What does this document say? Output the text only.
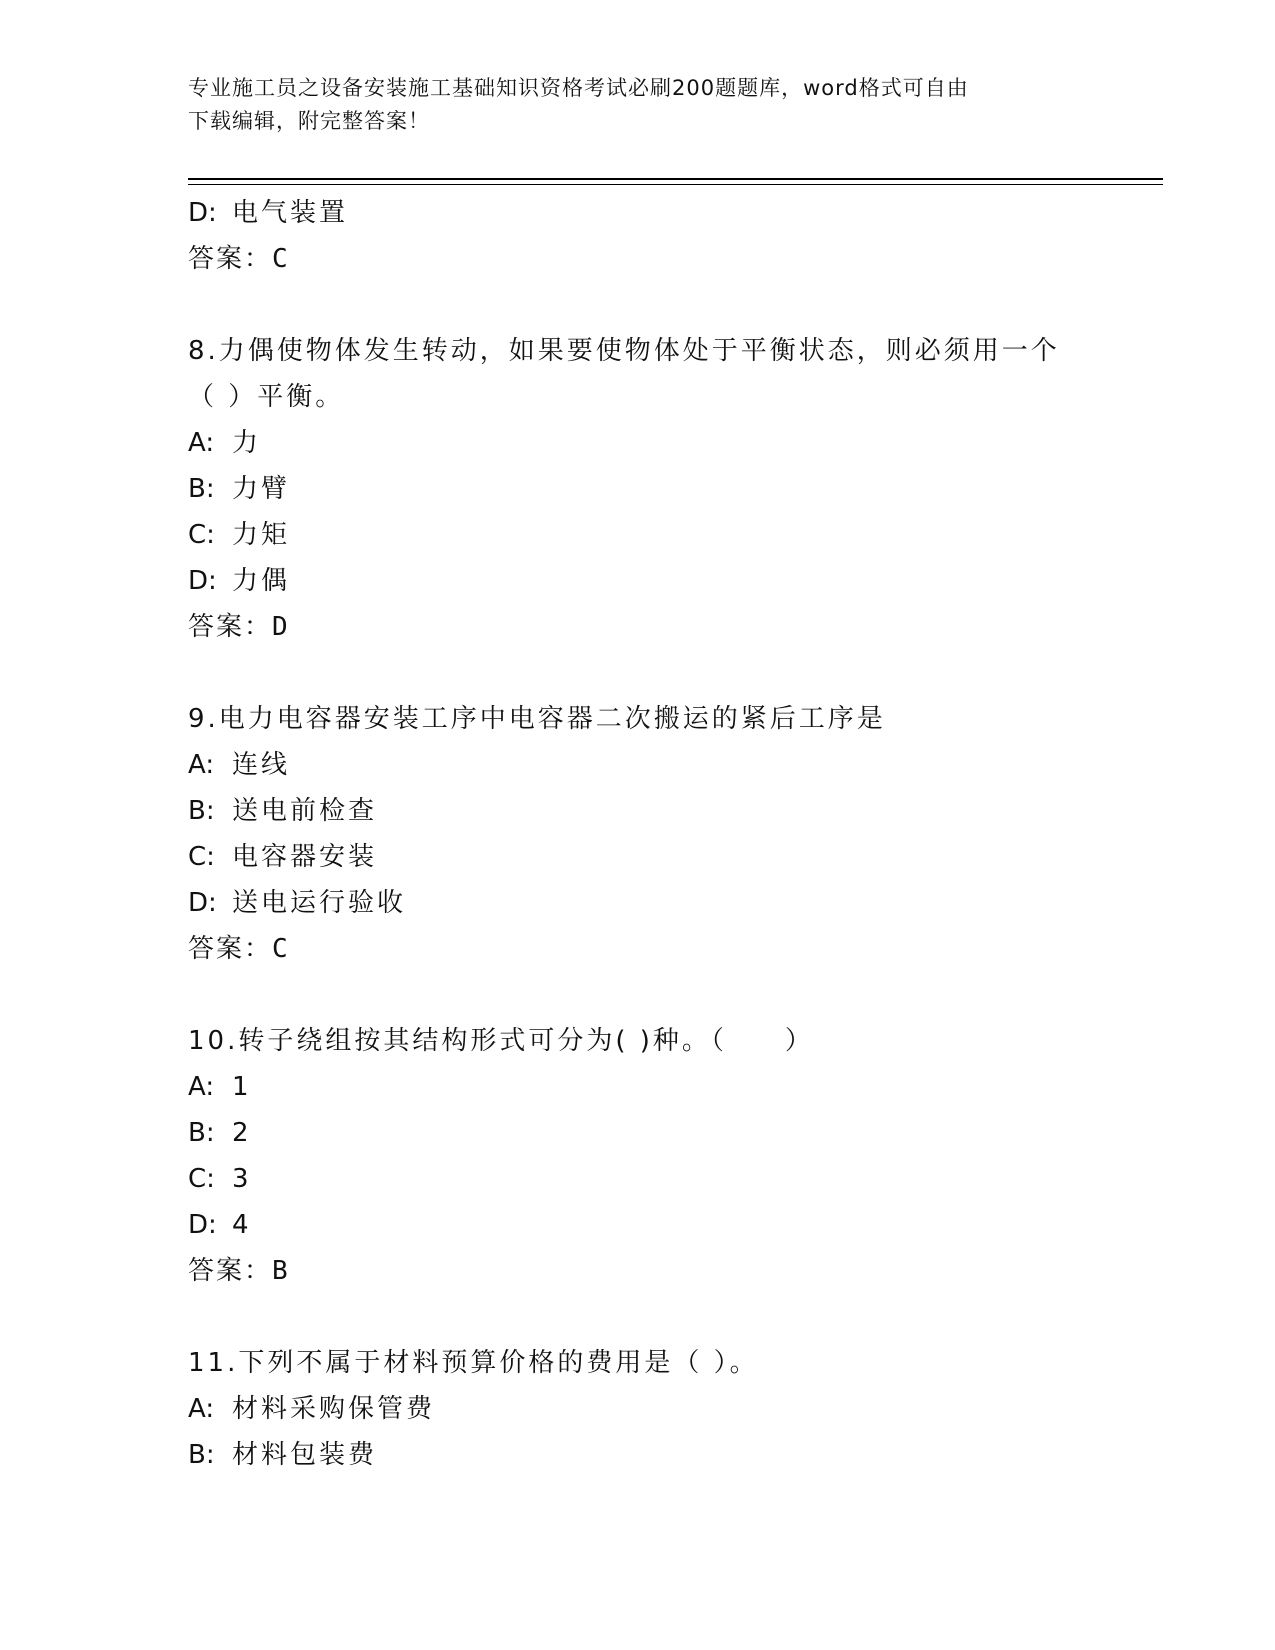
专业施工员之设备安装施工基础知识资格考试必刷200题题库，word格式可自由
下载编辑，附完整答案！
D: 电气装置
答案：C
8.力偶使物体发生转动，如果要使物体处于平衡状态，则必须用一个
（ ）平衡。
A: 力
B: 力臂
C: 力矩
D: 力偶
答案：D
9.电力电容器安装工序中电容器二次搬运的紧后工序是
A: 连线
B: 送电前检查
C: 电容器安装
D: 送电运行验收
答案：C
10.转子绕组按其结构形式可分为( )种。（　　）
A: 1
B: 2
C: 3
D: 4
答案：B
11.下列不属于材料预算价格的费用是（ ）。
A: 材料采购保管费
B: 材料包装费
